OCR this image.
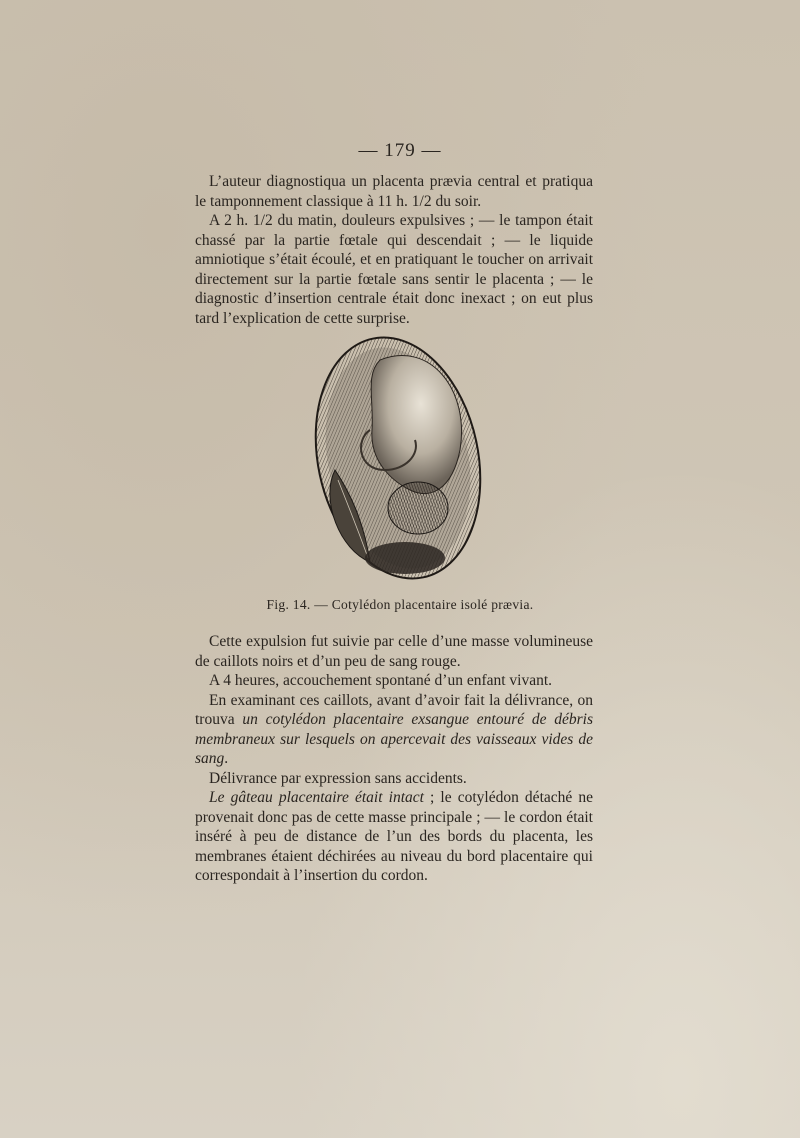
— 179 —

L’auteur diagnostiqua un placenta prævia central et pratiqua le tamponnement classique à 11 h. 1/2 du soir.

A 2 h. 1/2 du matin, douleurs expulsives ; — le tampon était chassé par la partie fœtale qui descendait ; — le liquide amniotique s’était écoulé, et en pratiquant le toucher on arrivait directement sur la partie fœtale sans sentir le placenta ; — le diagnostic d’insertion centrale était donc inexact ; on eut plus tard l’explication de cette surprise.

Fig. 14. — Cotylédon placentaire isolé prævia.

Cette expulsion fut suivie par celle d’une masse volumineuse de caillots noirs et d’un peu de sang rouge.

A 4 heures, accouchement spontané d’un enfant vivant.

En examinant ces caillots, avant d’avoir fait la délivrance, on trouva un cotylédon placentaire exsangue entouré de débris membraneux sur lesquels on apercevait des vaisseaux vides de sang.

Délivrance par expression sans accidents.

Le gâteau placentaire était intact ; le cotylédon détaché ne provenait donc pas de cette masse principale ; — le cordon était inséré à peu de distance de l’un des bords du placenta, les membranes étaient déchirées au niveau du bord placentaire qui correspondait à l’insertion du cordon.
